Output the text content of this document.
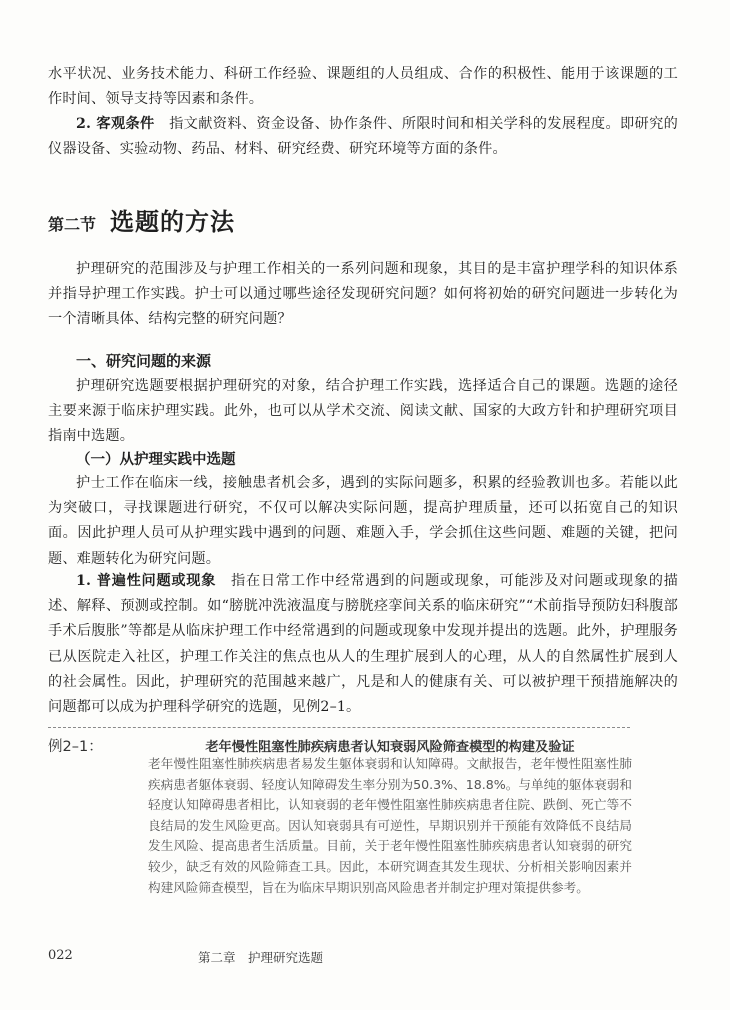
水平状况、业务技术能力、科研工作经验、课题组的人员组成、合作的积极性、能用于该课题的工作时间、领导支持等因素和条件。
2. 客观条件　 指文献资料、资金设备、协作条件、所限时间和相关学科的发展程度。即研究的仪器设备、实验动物、药品、材料、研究经费、研究环境等方面的条件。
第二节 选题的方法
护理研究的范围涉及与护理工作相关的一系列问题和现象，其目的是丰富护理学科的知识体系并指导护理工作实践。护士可以通过哪些途径发现研究问题？如何将初始的研究问题进一步转化为一个清晰具体、结构完整的研究问题？
一、研究问题的来源
护理研究选题要根据护理研究的对象，结合护理工作实践，选择适合自己的课题。选题的途径主要来源于临床护理实践。此外，也可以从学术交流、阅读文献、国家的大政方针和护理研究项目指南中选题。
（一）从护理实践中选题
护士工作在临床一线，接触患者机会多，遇到的实际问题多，积累的经验教训也多。若能以此为突破口，寻找课题进行研究，不仅可以解决实际问题，提高护理质量，还可以拓宽自己的知识面。因此护理人员可从护理实践中遇到的问题、难题入手，学会抓住这些问题、难题的关键，把问题、难题转化为研究问题。
1. 普遍性问题或现象　 指在日常工作中经常遇到的问题或现象，可能涉及对问题或现象的描述、解释、预测或控制。如“膀胱冲洗液温度与膀胱痉挛间关系的临床研究”“术前指导预防妇科腹部手术后腹胀”等都是从临床护理工作中经常遇到的问题或现象中发现并提出的选题。此外，护理服务已从医院走入社区，护理工作关注的焦点也从人的生理扩展到人的心理，从人的自然属性扩展到人的社会属性。因此，护理研究的范围越来越广，凡是和人的健康有关、可以被护理干预措施解决的问题都可以成为护理科学研究的选题，见例2–1。
例2–1：	老年慢性阻塞性肺疾病患者认知衰弱风险筛查模型的构建及验证
老年慢性阻塞性肺疾病患者易发生躯体衰弱和认知障碍。文献报告，老年慢性阻塞性肺疾病患者躯体衰弱、轻度认知障碍发生率分别为50.3%、18.8%。与单纯的躯体衰弱和轻度认知障碍患者相比，认知衰弱的老年慢性阻塞性肺疾病患者住院、跌倒、死亡等不良结局的发生风险更高。因认知衰弱具有可逆性，早期识别并干预能有效降低不良结局发生风险、提高患者生活质量。目前，关于老年慢性阻塞性肺疾病患者认知衰弱的研究较少，缺乏有效的风险筛查工具。因此，本研究调查其发生现状、分析相关影响因素并构建风险筛查模型，旨在为临床早期识别高风险患者并制定护理对策提供参考。
022	第二章　护理研究选题
